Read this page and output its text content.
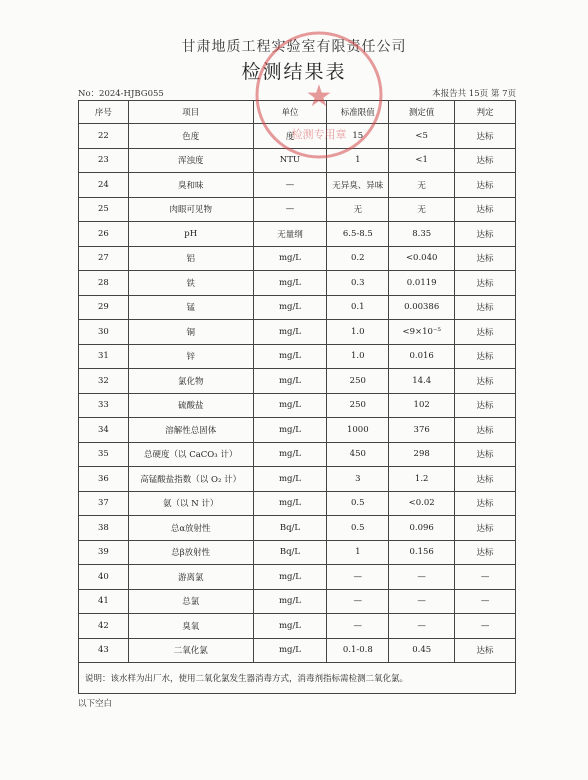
甘肃地质工程实验室有限责任公司
检测结果表
No：2024-HJBG055	本报告共 15页 第 7页
序号	项目	单位	标准限值	测定值	判定
22	色度	度	15	<5	达标
23	浑浊度	NTU	1	<1	达标
24	臭和味	—	无异臭、异味	无	达标
25	肉眼可见物	—	无	无	达标
26	pH	无量纲	6.5-8.5	8.35	达标
27	铝	mg/L	0.2	<0.040	达标
28	铁	mg/L	0.3	0.0119	达标
29	锰	mg/L	0.1	0.00386	达标
30	铜	mg/L	1.0	<9×10⁻⁵	达标
31	锌	mg/L	1.0	0.016	达标
32	氯化物	mg/L	250	14.4	达标
33	硫酸盐	mg/L	250	102	达标
34	溶解性总固体	mg/L	1000	376	达标
35	总硬度（以 CaCO₃ 计）	mg/L	450	298	达标
36	高锰酸盐指数（以 O₂ 计）	mg/L	3	1.2	达标
37	氨（以 N 计）	mg/L	0.5	<0.02	达标
38	总α放射性	Bq/L	0.5	0.096	达标
39	总β放射性	Bq/L	1	0.156	达标
40	游离氯	mg/L	—	—	—
41	总氯	mg/L	—	—	—
42	臭氧	mg/L	—	—	—
43	二氧化氯	mg/L	0.1-0.8	0.45	达标
说明：该水样为出厂水，使用二氧化氯发生器消毒方式，消毒剂指标需检测二氧化氯。					
以下空白
★
检测专用章
